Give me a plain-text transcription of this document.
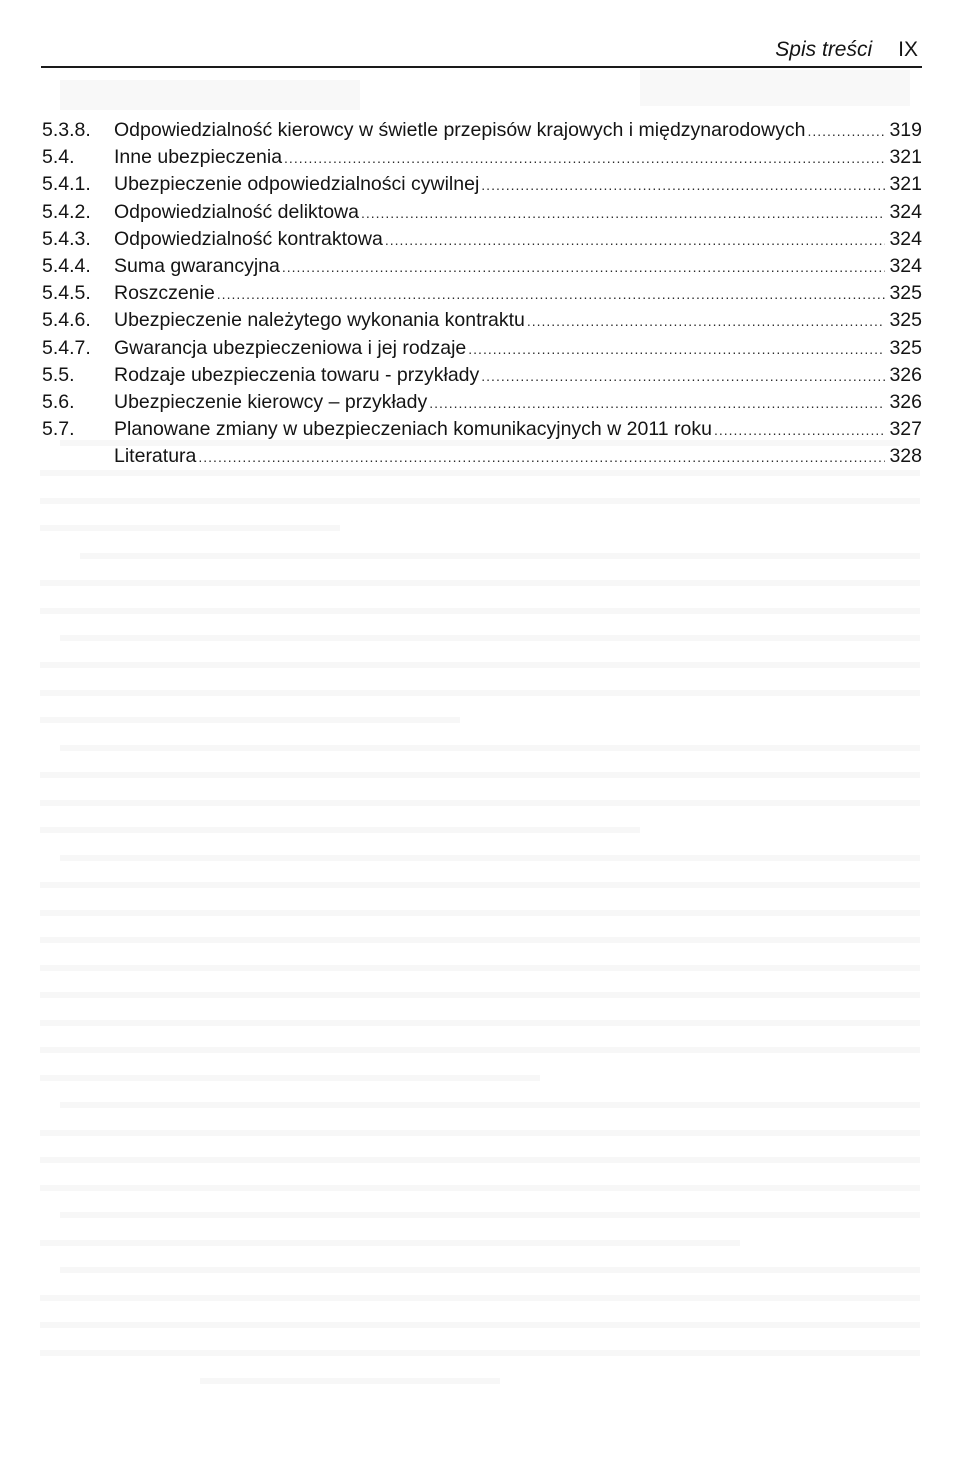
Spis treści IX
5.3.8.	Odpowiedzialność kierowcy w świetle przepisów krajowych i międzynarodowych .....	319
5.4.	Inne ubezpieczenia .....	321
5.4.1.	Ubezpieczenie odpowiedzialności cywilnej .....	321
5.4.2.	Odpowiedzialność deliktowa .....	324
5.4.3.	Odpowiedzialność kontraktowa .....	324
5.4.4.	Suma gwarancyjna .....	324
5.4.5.	Roszczenie .....	325
5.4.6.	Ubezpieczenie należytego wykonania kontraktu .....	325
5.4.7.	Gwarancja ubezpieczeniowa i jej rodzaje .....	325
5.5.	Rodzaje ubezpieczenia towaru - przykłady .....	326
5.6.	Ubezpieczenie kierowcy – przykłady .....	326
5.7.	Planowane zmiany w ubezpieczeniach komunikacyjnych w 2011 roku .....	327
Literatura .....	328
